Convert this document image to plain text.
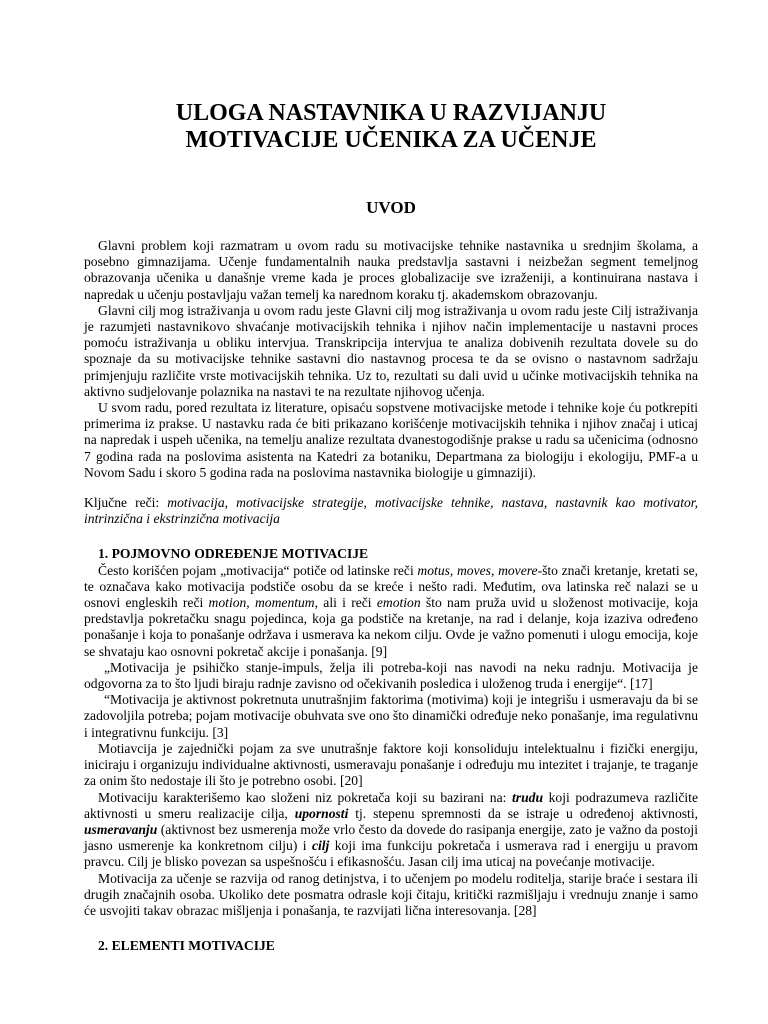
ULOGA NASTAVNIKA U RAZVIJANJU
MOTIVACIJE UČENIKA ZA UČENJE
UVOD

Glavni problem koji razmatram u ovom radu su motivacijske tehnike nastavnika u srednjim školama, a posebno gimnazijama. Učenje fundamentalnih nauka predstavlja sastavni i neizbežan segment temeljnog obrazovanja učenika u današnje vreme kada je proces globalizacije sve izraženiji, a kontinuirana nastava i napredak u učenju postavljaju važan temelj ka narednom koraku tj. akademskom obrazovanju.

Glavni cilj mog istraživanja u ovom radu jeste Glavni cilj mog istraživanja u ovom radu jeste Cilj istraživanja je razumjeti nastavnikovo shvaćanje motivacijskih tehnika i njihov način implementacije u nastavni proces pomoću istraživanja u obliku intervjua. Transkripcija intervjua te analiza dobivenih rezultata dovele su do spoznaje da su motivacijske tehnike sastavni dio nastavnog procesa te da se ovisno o nastavnom sadržaju primjenjuju različite vrste motivacijskih tehnika. Uz to, rezultati su dali uvid u učinke motivacijskih tehnika na aktivno sudjelovanje polaznika na nastavi te na rezultate njihovog učenja.

U svom radu, pored rezultata iz literature, opisaću sopstvene motivacijske metode i tehnike koje ću potkrepiti primerima iz prakse. U nastavku rada će biti prikazano korišćenje motivacijskih tehnika i njihov značaj i uticaj na napredak i uspeh učenika, na temelju analize rezultata dvanestogodišnje prakse u radu sa učenicima (odnosno 7 godina rada na poslovima asistenta na Katedri za botaniku, Departmana za biologiju i ekologiju, PMF-a u Novom Sadu i skoro 5 godina rada na poslovima nastavnika biologije u gimnaziji).

Ključne reči: motivacija, motivacijske strategije, motivacijske tehnike, nastava, nastavnik kao motivator, intrinzična i ekstrinzična motivacija

1. POJMOVNO ODREĐENJE MOTIVACIJE

Često korišćen pojam „motivacija“ potiče od latinske reči motus, moves, movere-što znači kretanje, kretati se, te označava kako motivacija podstiče osobu da se kreće i nešto radi. Međutim, ova latinska reč nalazi se u osnovi engleskih reči motion, momentum, ali i reči emotion što nam pruža uvid u složenost motivacije, koja predstavlja pokretačku snagu pojedinca, koja ga podstiče na kretanje, na rad i delanje, koja izaziva određeno ponašanje i koja to ponašanje održava i usmerava ka nekom cilju. Ovde je važno pomenuti i ulogu emocija, koje se shvataju kao osnovni pokretač akcije i ponašanja. [9]

„Motivacija je psihičko stanje-impuls, želja ili potreba-koji nas navodi na neku radnju. Motivacija je odgovorna za to što ljudi biraju radnje zavisno od očekivanih posledica i uloženog truda i energije“. [17]

“Motivacija je aktivnost pokretnuta unutrašnjim faktorima (motivima) koji je integrišu i usmeravaju da bi se zadovoljila potreba; pojam motivacije obuhvata sve ono što dinamički određuje neko ponašanje, ima regulativnu i integrativnu funkciju. [3]

Motiavcija je zajednički pojam za sve unutrašnje faktore koji konsoliduju intelektualnu i fizički energiju, iniciraju i organizuju individualne aktivnosti, usmeravaju ponašanje i određuju mu intezitet i trajanje, te traganje za onim što nedostaje ili što je potrebno osobi. [20]

Motivaciju karakterišemo kao složeni niz pokretača koji su bazirani na: trudu koji podrazumeva različite aktivnosti u smeru realizacije cilja, upornosti tj. stepenu spremnosti da se istraje u određenoj aktivnosti, usmeravanju (aktivnost bez usmerenja može vrlo često da dovede do rasipanja energije, zato je važno da postoji jasno usmerenje ka konkretnom cilju) i cilj koji ima funkciju pokretača i usmerava rad i energiju u pravom pravcu. Cilj je blisko povezan sa uspešnošću i efikasnošću. Jasan cilj ima uticaj na povećanje motivacije.

Motivacija za učenje se razvija od ranog detinjstva, i to učenjem po modelu roditelja, starije braće i sestara ili drugih značajnih osoba. Ukoliko dete posmatra odrasle koji čitaju, kritički razmišljaju i vrednuju znanje i samo će usvojiti takav obrazac mišljenja i ponašanja, te razvijati lična interesovanja. [28]

2. ELEMENTI MOTIVACIJE
